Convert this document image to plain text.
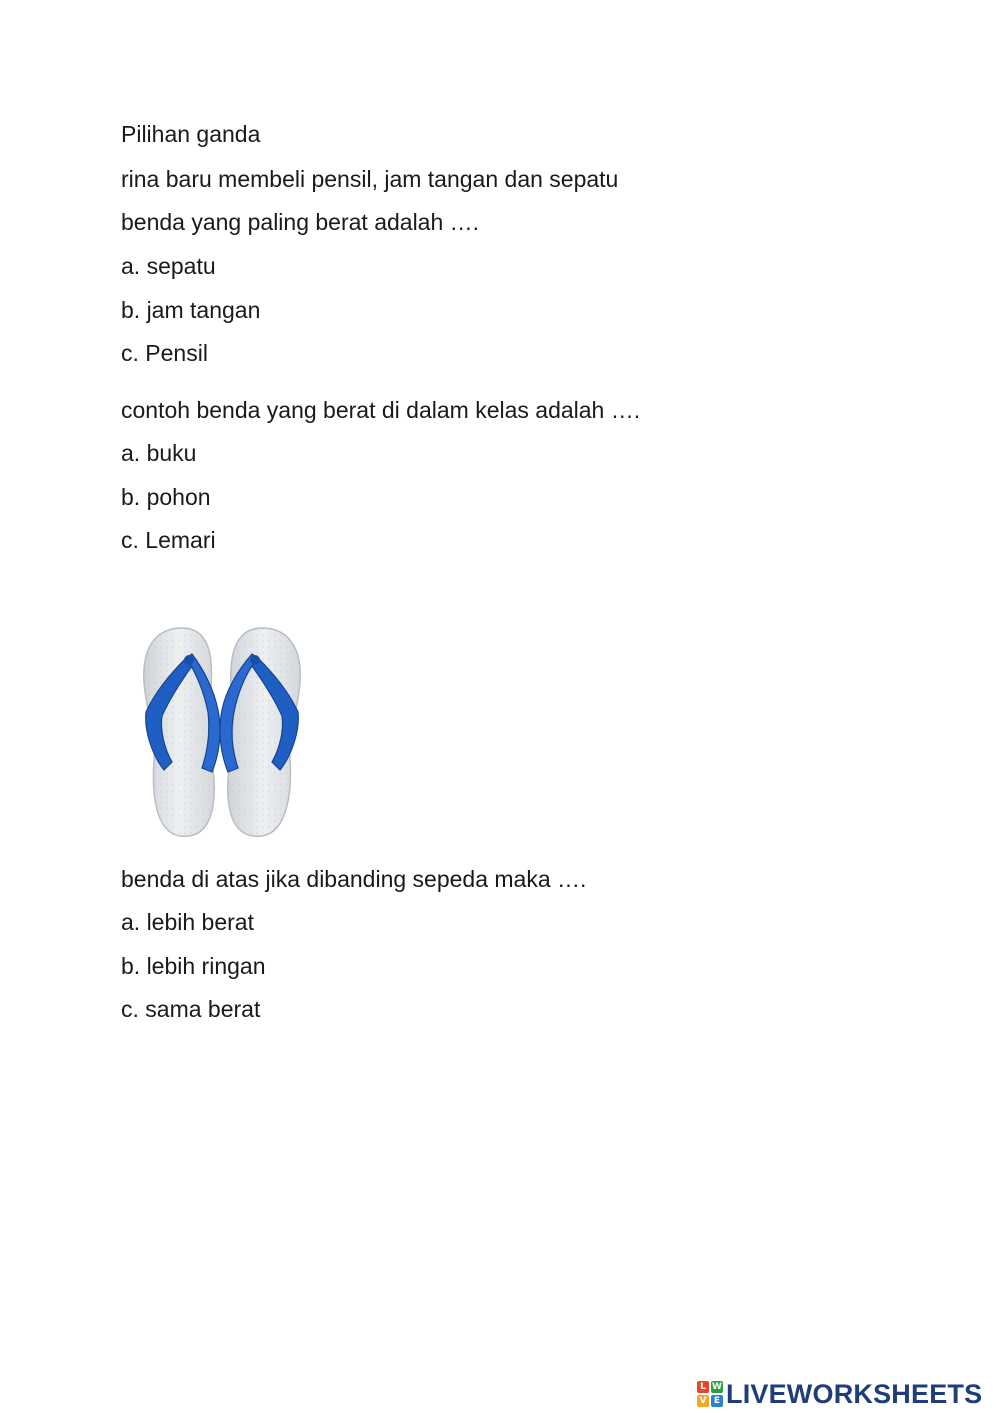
Pilihan ganda
rina baru membeli pensil, jam tangan dan sepatu
benda yang paling berat adalah ….
a. sepatu
b. jam tangan
c. Pensil
contoh benda yang berat di dalam kelas adalah ….
a. buku
b. pohon
c. Lemari
benda di atas jika dibanding sepeda maka ….
a. lebih berat
b. lebih ringan
c. sama berat
L W
V E LIVEWORKSHEETS
